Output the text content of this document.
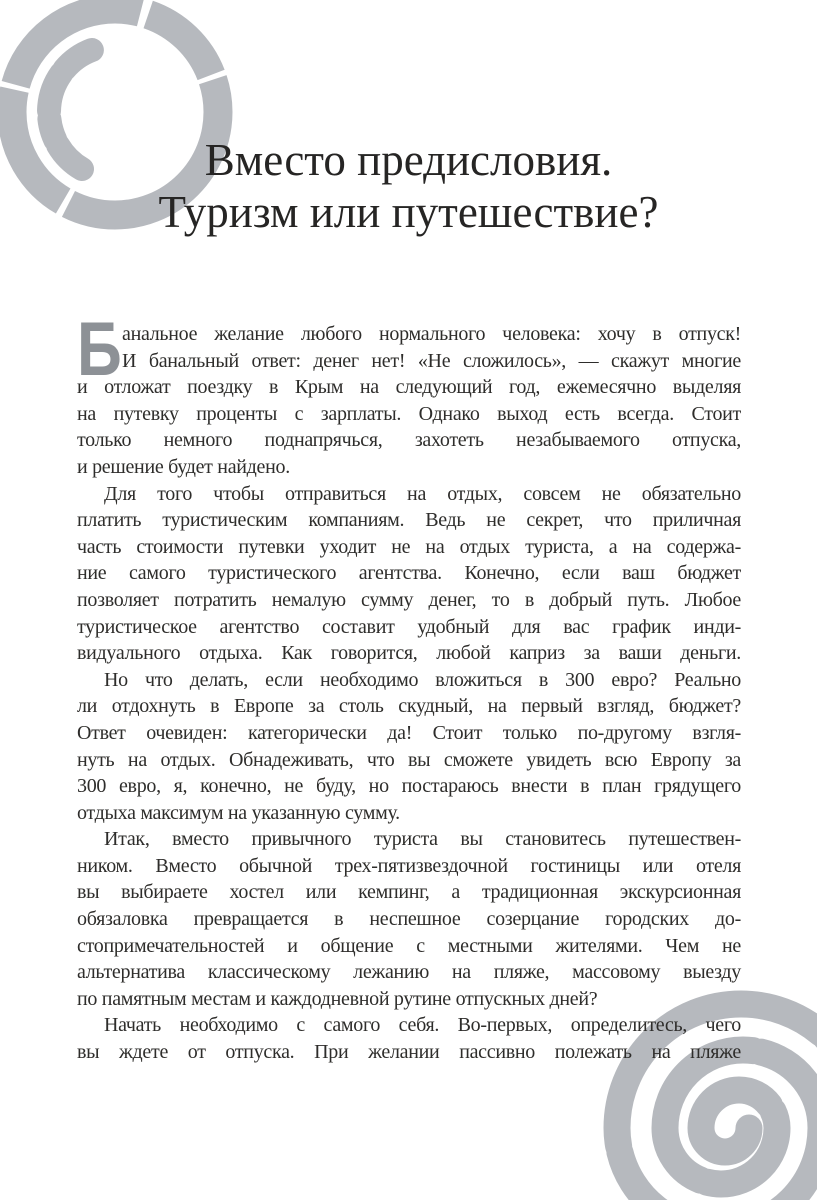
Вместо предисловия.
Туризм или путешествие?
Б анальное желание любого нормального человека: хочу в отпуск!
И банальный ответ: денег нет! «Не сложилось», — скажут многие
и отложат поездку в Крым на следующий год, ежемесячно выделяя
на путевку проценты с зарплаты. Однако выход есть всегда. Стоит
только немного поднапрячься, захотеть незабываемого отпуска,
и решение будет найдено.
Для того чтобы отправиться на отдых, совсем не обязательно
платить туристическим компаниям. Ведь не секрет, что приличная
часть стоимости путевки уходит не на отдых туриста, а на содержа-
ние самого туристического агентства. Конечно, если ваш бюджет
позволяет потратить немалую сумму денег, то в добрый путь. Любое
туристическое агентство составит удобный для вас график инди-
видуального отдыха. Как говорится, любой каприз за ваши деньги.
Но что делать, если необходимо вложиться в 300 евро? Реально
ли отдохнуть в Европе за столь скудный, на первый взгляд, бюджет?
Ответ очевиден: категорически да! Стоит только по-другому взгля-
нуть на отдых. Обнадеживать, что вы сможете увидеть всю Европу за
300 евро, я, конечно, не буду, но постараюсь внести в план грядущего
отдыха максимум на указанную сумму.
Итак, вместо привычного туриста вы становитесь путешествен-
ником. Вместо обычной трех-пятизвездочной гостиницы или отеля
вы выбираете хостел или кемпинг, а традиционная экскурсионная
обязаловка превращается в неспешное созерцание городских до-
стопримечательностей и общение с местными жителями. Чем не
альтернатива классическому лежанию на пляже, массовому выезду
по памятным местам и каждодневной рутине отпускных дней?
Начать необходимо с самого себя. Во-первых, определитесь, чего
вы ждете от отпуска. При желании пассивно полежать на пляже
